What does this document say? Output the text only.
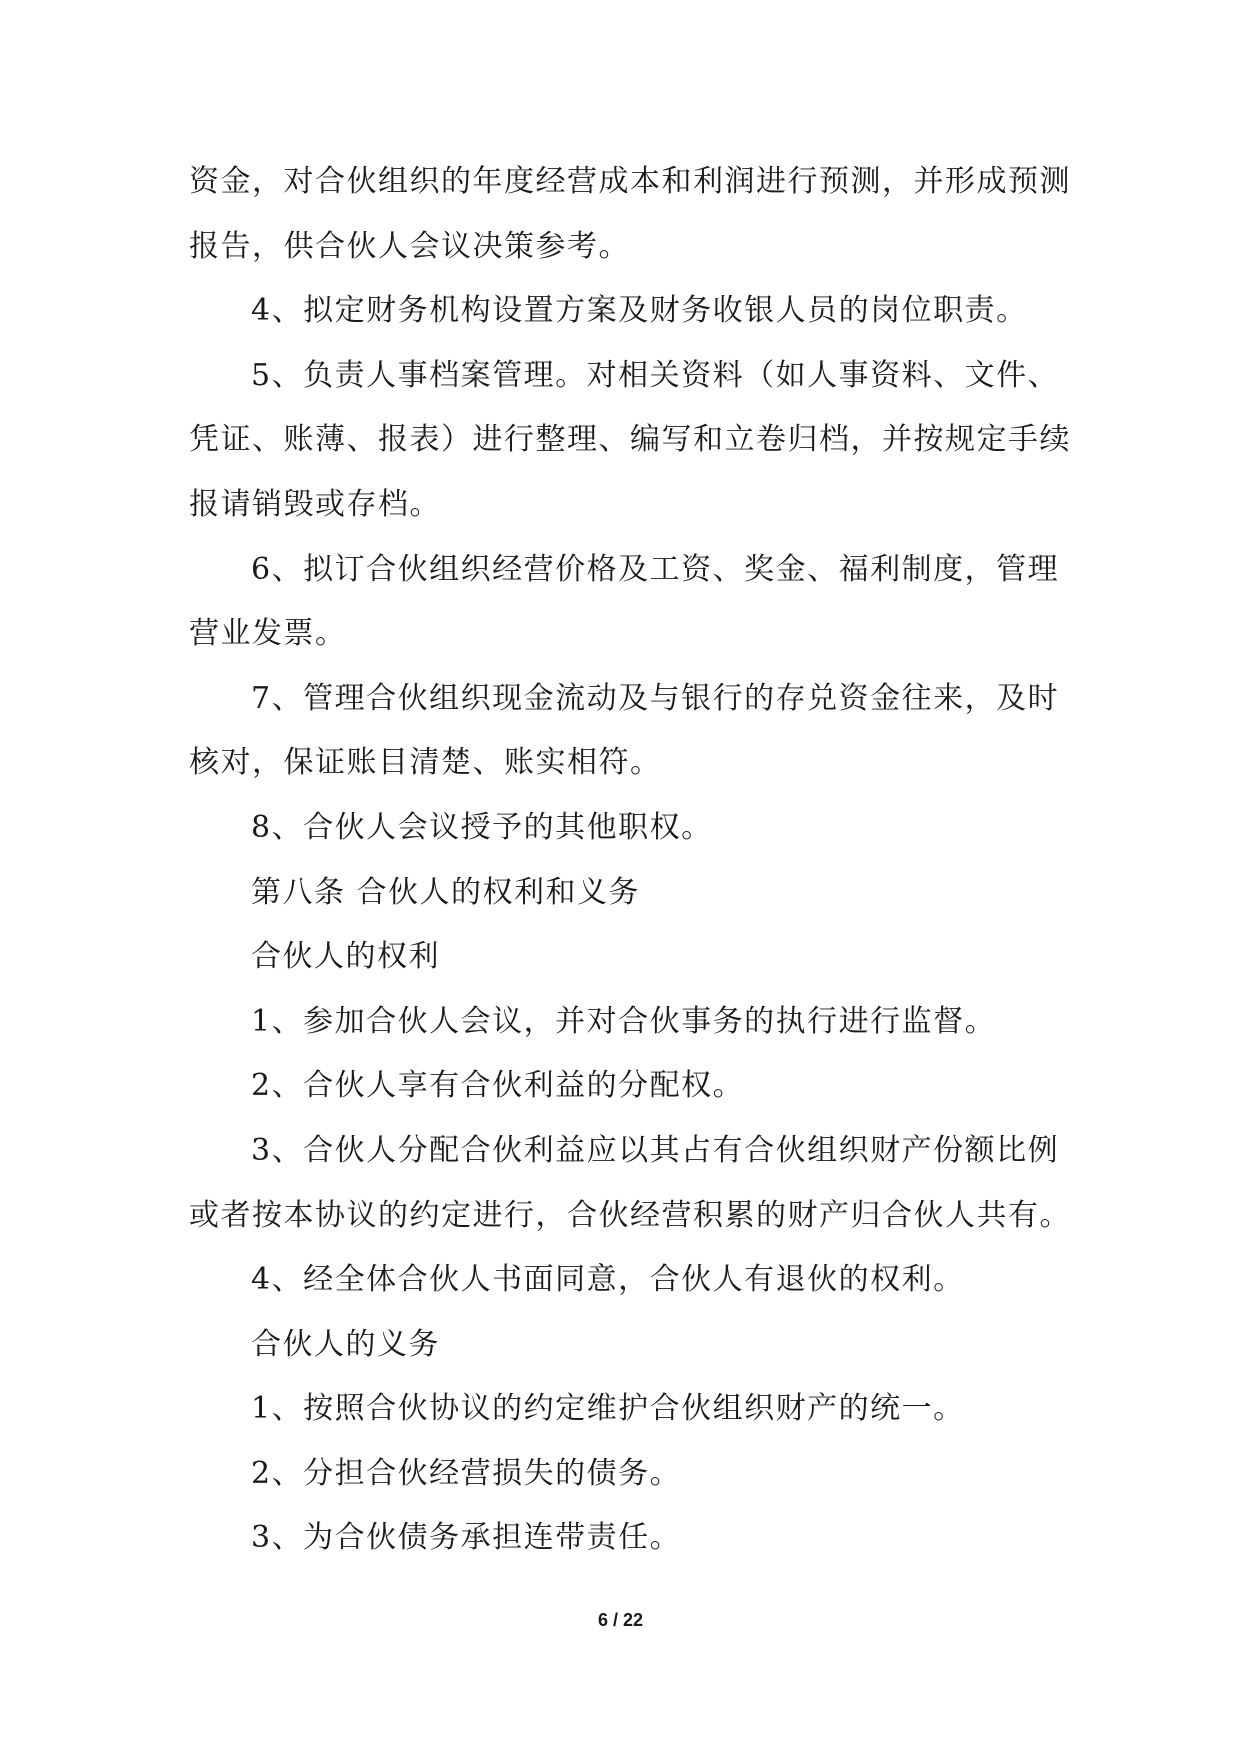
资金，对合伙组织的年度经营成本和利润进行预测，并形成预测
报告，供合伙人会议决策参考。
4、拟定财务机构设置方案及财务收银人员的岗位职责。
5、负责人事档案管理。对相关资料（如人事资料、文件、
凭证、账薄、报表）进行整理、编写和立卷归档，并按规定手续
报请销毁或存档。
6、拟订合伙组织经营价格及工资、奖金、福利制度，管理
营业发票。
7、管理合伙组织现金流动及与银行的存兑资金往来，及时
核对，保证账目清楚、账实相符。
8、合伙人会议授予的其他职权。
第八条 合伙人的权利和义务
合伙人的权利
1、参加合伙人会议，并对合伙事务的执行进行监督。
2、合伙人享有合伙利益的分配权。
3、合伙人分配合伙利益应以其占有合伙组织财产份额比例
或者按本协议的约定进行，合伙经营积累的财产归合伙人共有。
4、经全体合伙人书面同意，合伙人有退伙的权利。
合伙人的义务
1、按照合伙协议的约定维护合伙组织财产的统一。
2、分担合伙经营损失的债务。
3、为合伙债务承担连带责任。
6 / 22
